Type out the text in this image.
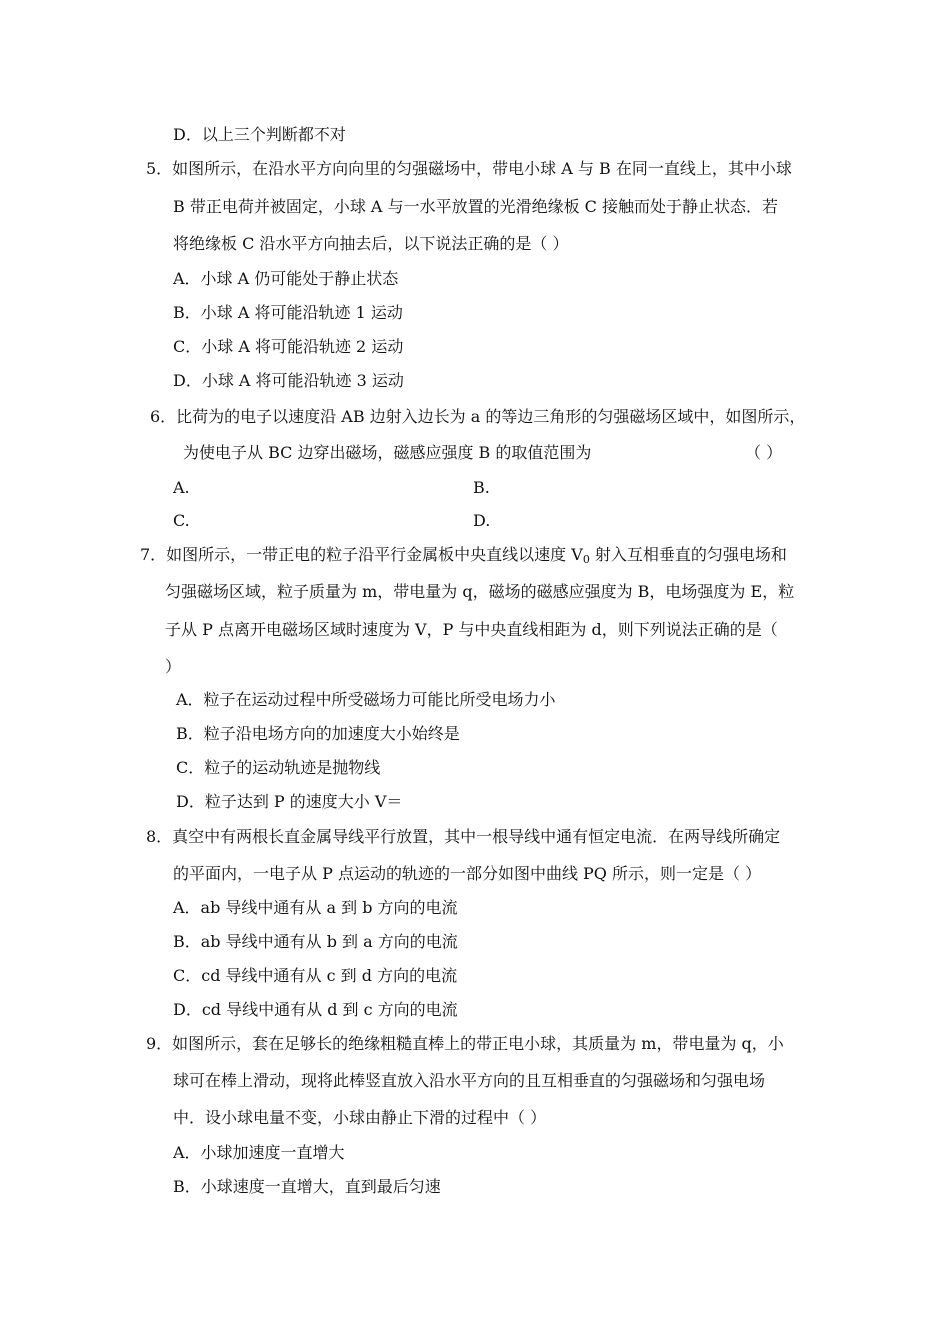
D．以上三个判断都不对
5．如图所示，在沿水平方向向里的匀强磁场中，带电小球 A 与 B 在同一直线上，其中小球
B 带正电荷并被固定，小球 A 与一水平放置的光滑绝缘板 C 接触而处于静止状态．若
将绝缘板 C 沿水平方向抽去后，以下说法正确的是（ ）
A．小球 A 仍可能处于静止状态
B．小球 A 将可能沿轨迹 1 运动
C．小球 A 将可能沿轨迹 2 运动
D．小球 A 将可能沿轨迹 3 运动
6．比荷为的电子以速度沿 AB 边射入边长为 a 的等边三角形的匀强磁场区域中，如图所示，
为使电子从 BC 边穿出磁场，磁感应强度 B 的取值范围为	（ ）
A.	B.
C.	D.
7．如图所示，一带正电的粒子沿平行金属板中央直线以速度 $V_0$ 射入互相垂直的匀强电场和
匀强磁场区域，粒子质量为 m，带电量为 q，磁场的磁感应强度为 B，电场强度为 E，粒
子从 P 点离开电磁场区域时速度为 V，P 与中央直线相距为 d，则下列说法正确的是（
）
A．粒子在运动过程中所受磁场力可能比所受电场力小
B．粒子沿电场方向的加速度大小始终是
C．粒子的运动轨迹是抛物线
D．粒子达到 P 的速度大小 V＝
8．真空中有两根长直金属导线平行放置，其中一根导线中通有恒定电流．在两导线所确定
的平面内，一电子从 P 点运动的轨迹的一部分如图中曲线 PQ 所示，则一定是（ ）
A．ab 导线中通有从 a 到 b 方向的电流
B．ab 导线中通有从 b 到 a 方向的电流
C．cd 导线中通有从 c 到 d 方向的电流
D．cd 导线中通有从 d 到 c 方向的电流
9．如图所示，套在足够长的绝缘粗糙直棒上的带正电小球，其质量为 m，带电量为 q，小
球可在棒上滑动，现将此棒竖直放入沿水平方向的且互相垂直的匀强磁场和匀强电场
中．设小球电量不变，小球由静止下滑的过程中（ ）
A．小球加速度一直增大
B．小球速度一直增大，直到最后匀速
